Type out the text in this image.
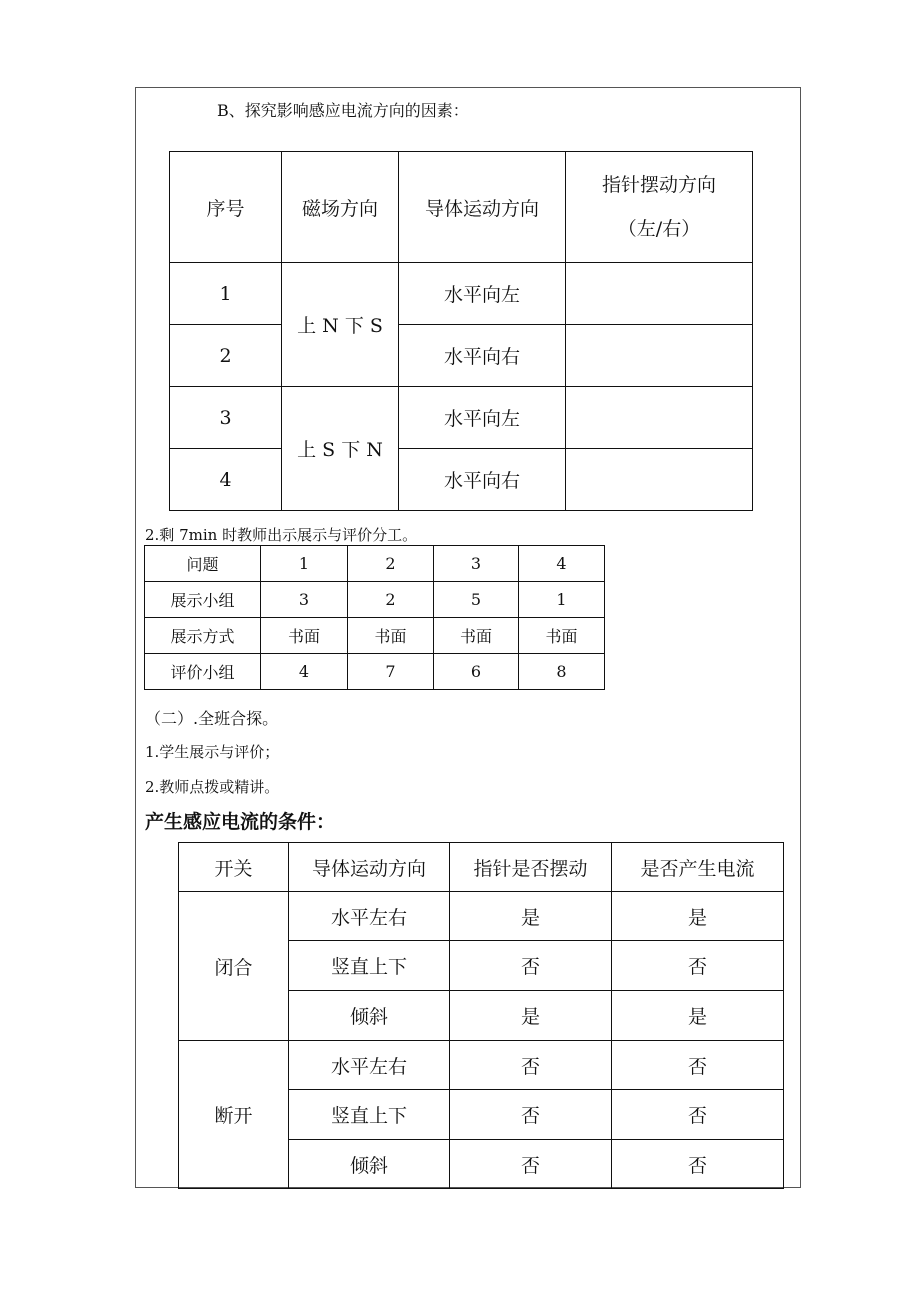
B、探究影响感应电流方向的因素：
序号	磁场方向	导体运动方向	指针摆动方向
（左/右）

1	上 N 下 S	水平向左	
2		水平向右	
3	上 S 下 N	水平向左	
4		水平向右	
2.剩 7min 时教师出示展示与评价分工。
问题	1	2	3	4
展示小组	3	2	5	1
展示方式	书面	书面	书面	书面
评价小组	4	7	6	8
（二）.全班合探。
1.学生展示与评价；
2.教师点拨或精讲。
产生感应电流的条件：
开关	导体运动方向	指针是否摆动	是否产生电流
闭合	水平左右	是	是
	竖直上下	否	否
	倾斜	是	是
断开	水平左右	否	否
	竖直上下	否	否
	倾斜	否	否
